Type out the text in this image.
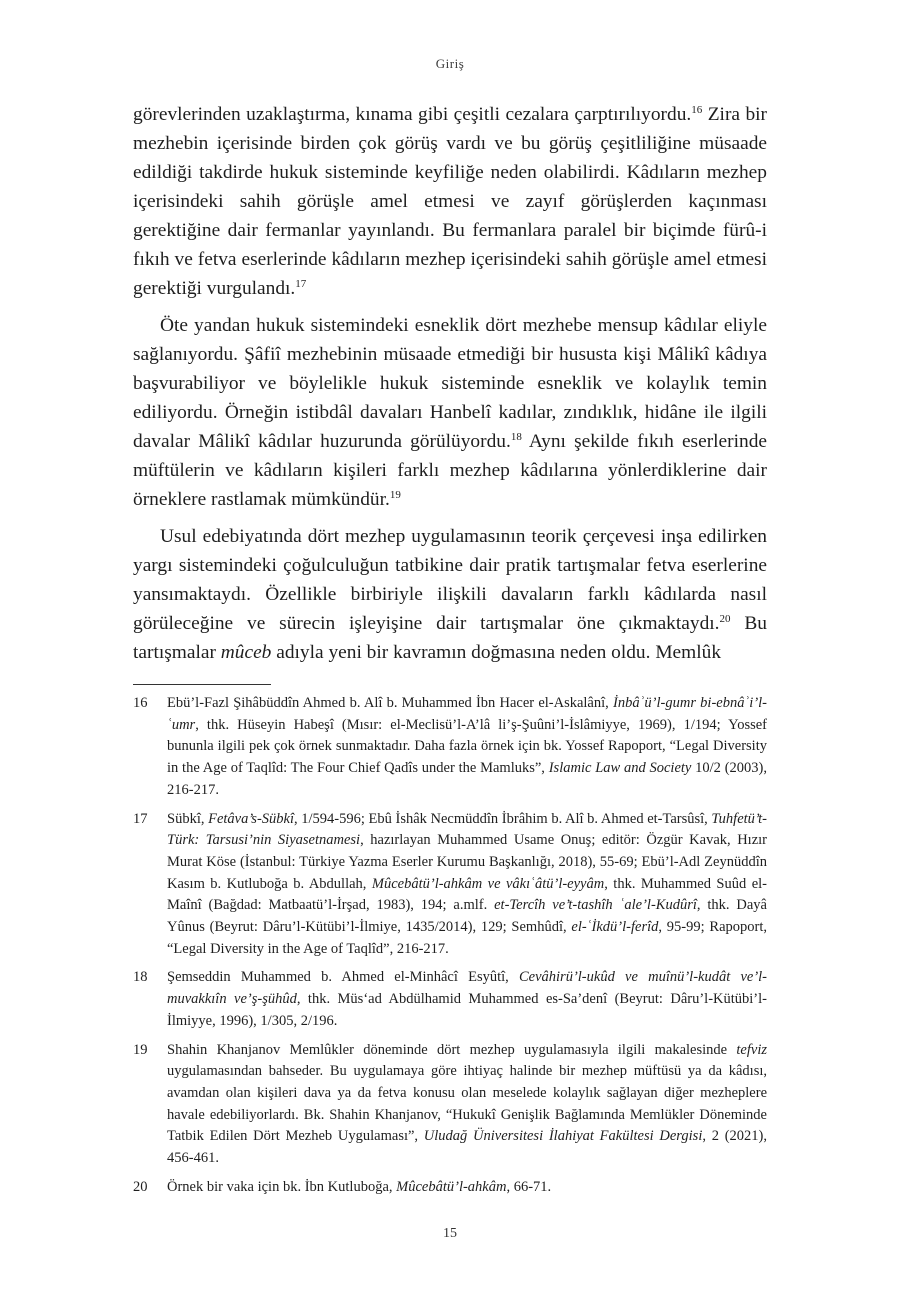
Giriş

görevlerinden uzaklaştırma, kınama gibi çeşitli cezalara çarptırılıyordu.$^{16}$ Zira bir mezhebin içerisinde birden çok görüş vardı ve bu görüş çeşitliliğine müsaade edildiği takdirde hukuk sisteminde keyfiliğe neden olabilirdi. Kâdıların mezhep içerisindeki sahih görüşle amel etmesi ve zayıf görüşlerden kaçınması gerektiğine dair fermanlar yayınlandı. Bu fermanlara paralel bir biçimde fürû-i fıkıh ve fetva eserlerinde kâdıların mezhep içerisindeki sahih görüşle amel etmesi gerektiği vurgulandı.$^{17}$

Öte yandan hukuk sistemindeki esneklik dört mezhebe mensup kâdılar eliyle sağlanıyordu. Şâfiî mezhebinin müsaade etmediği bir hususta kişi Mâlikî kâdıya başvurabiliyor ve böylelikle hukuk sisteminde esneklik ve kolaylık temin ediliyordu. Örneğin istibdâl davaları Hanbelî kadılar, zındıklık, hidâne ile ilgili davalar Mâlikî kâdılar huzurunda görülüyordu.$^{18}$ Aynı şekilde fıkıh eserlerinde müftülerin ve kâdıların kişileri farklı mezhep kâdılarına yönlerdiklerine dair örneklere rastlamak mümkündür.$^{19}$

Usul edebiyatında dört mezhep uygulamasının teorik çerçevesi inşa edilirken yargı sistemindeki çoğulculuğun tatbikine dair pratik tartışmalar fetva eserlerine yansımaktaydı. Özellikle birbiriyle ilişkili davaların farklı kâdılarda nasıl görüleceğine ve sürecin işleyişine dair tartışmalar öne çıkmaktaydı.$^{20}$ Bu tartışmalar mûceb adıyla yeni bir kavramın doğmasına neden oldu. Memlûk

16	Ebü’l-Fazl Şihâbüddîn Ahmed b. Alî b. Muhammed İbn Hacer el-Askalânî, İnbâʾü’l-gumr bi-ebnâʾi’l-ʿumr, thk. Hüseyin Habeşî (Mısır: el-Meclisü’l-A’lâ li’ş-Şuûni’l-İslâmiyye, 1969), 1/194; Yossef bununla ilgili pek çok örnek sunmaktadır. Daha fazla örnek için bk. Yossef Rapoport, “Legal Diversity in the Age of Taqlîd: The Four Chief Qadîs under the Mamluks”, Islamic Law and Society 10/2 (2003), 216-217.
17	Sübkî, Fetâva’s-Sübkî, 1/594-596; Ebû İshâk Necmüddîn İbrâhim b. Alî b. Ahmed et-Tarsûsî, Tuhfetü’t-Türk: Tarsusi’nin Siyasetnamesi, hazırlayan Muhammed Usame Onuş; editör: Özgür Kavak, Hızır Murat Köse (İstanbul: Türkiye Yazma Eserler Kurumu Başkanlığı, 2018), 55-69; Ebü’l-Adl Zeynüddîn Kasım b. Kutluboğa b. Abdullah, Mûcebâtü’l-ahkâm ve vâkıʿâtü’l-eyyâm, thk. Muhammed Suûd el-Maînî (Bağdad: Matbaatü’l-İrşad, 1983), 194; a.mlf. et-Tercîh ve’t-tashîh ʿale’l-Kudûrî, thk. Dayâ Yûnus (Beyrut: Dâru’l-Kütübi’l-İlmiye, 1435/2014), 129; Semhûdî, el-ʿİkdü’l-ferîd, 95-99; Rapoport, “Legal Diversity in the Age of Taqlîd”, 216-217.
18	Şemseddin Muhammed b. Ahmed el-Minhâcî Esyûtî, Cevâhirü’l-ukûd ve muînü’l-kudât ve’l-muvakkıîn ve’ş-şühûd, thk. Müs‘ad Abdülhamid Muhammed es-Sa’denî (Beyrut: Dâru’l-Kütübi’l-İlmiyye, 1996), 1/305, 2/196.
19	Shahin Khanjanov Memlûkler döneminde dört mezhep uygulamasıyla ilgili makalesinde tefviz uygulamasından bahseder. Bu uygulamaya göre ihtiyaç halinde bir mezhep müftüsü ya da kâdısı, avamdan olan kişileri dava ya da fetva konusu olan meselede kolaylık sağlayan diğer mezheplere havale edebiliyorlardı. Bk. Shahin Khanjanov, “Hukukî Genişlik Bağlamında Memlükler Döneminde Tatbik Edilen Dört Mezheb Uygulaması”, Uludağ Üniversitesi İlahiyat Fakültesi Dergisi, 2 (2021), 456-461.
20	Örnek bir vaka için bk. İbn Kutluboğa, Mûcebâtü’l-ahkâm, 66-71.
15
